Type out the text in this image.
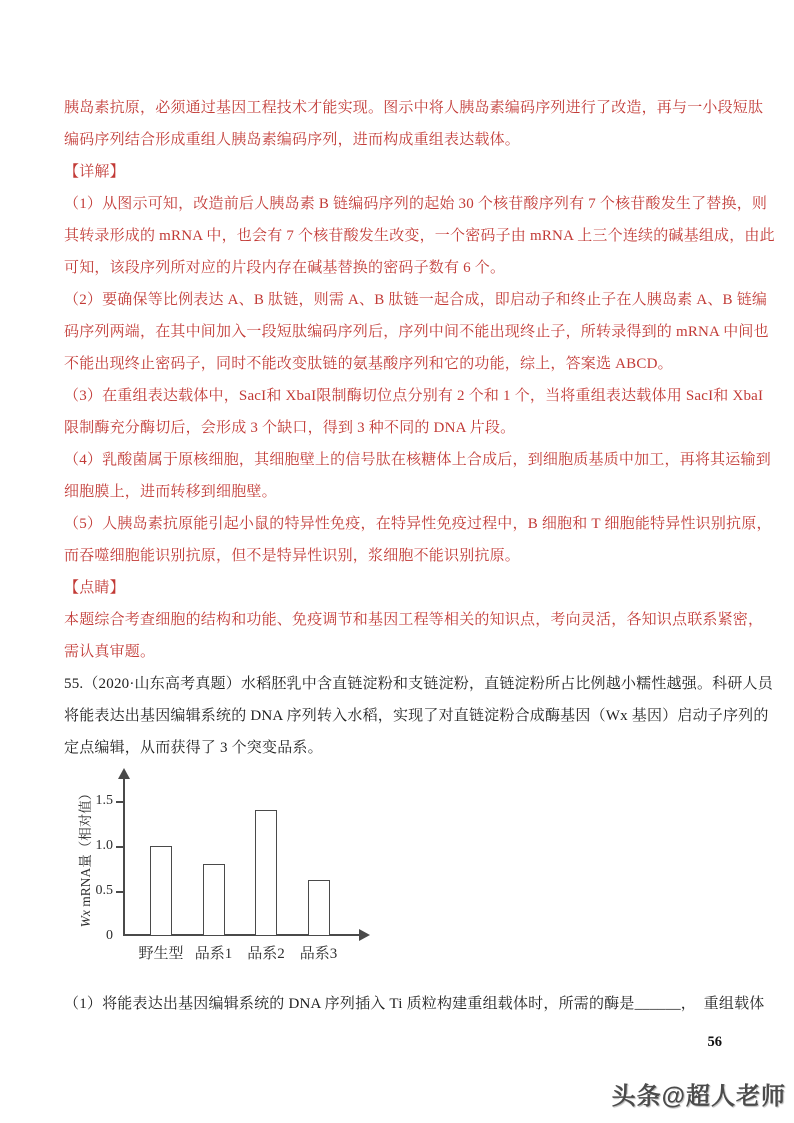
胰岛素抗原，必须通过基因工程技术才能实现。图示中将人胰岛素编码序列进行了改造，再与一小段短肽
编码序列结合形成重组人胰岛素编码序列，进而构成重组表达载体。
【详解】
（1）从图示可知，改造前后人胰岛素 B 链编码序列的起始 30 个核苷酸序列有 7 个核苷酸发生了替换，则
其转录形成的 mRNA 中，也会有 7 个核苷酸发生改变，一个密码子由 mRNA 上三个连续的碱基组成，由此
可知，该段序列所对应的片段内存在碱基替换的密码子数有 6 个。
（2）要确保等比例表达 A、B 肽链，则需 A、B 肽链一起合成，即启动子和终止子在人胰岛素 A、B 链编
码序列两端，在其中间加入一段短肽编码序列后，序列中间不能出现终止子，所转录得到的 mRNA 中间也
不能出现终止密码子，同时不能改变肽链的氨基酸序列和它的功能，综上，答案选 ABCD。
（3）在重组表达载体中，SacI和 XbaI限制酶切位点分别有 2 个和 1 个，当将重组表达载体用 SacI和 XbaI
限制酶充分酶切后，会形成 3 个缺口，得到 3 种不同的 DNA 片段。
（4）乳酸菌属于原核细胞，其细胞壁上的信号肽在核糖体上合成后，到细胞质基质中加工，再将其运输到
细胞膜上，进而转移到细胞壁。
（5）人胰岛素抗原能引起小鼠的特异性免疫，在特异性免疫过程中，B 细胞和 T 细胞能特异性识别抗原，
而吞噬细胞能识别抗原，但不是特异性识别，浆细胞不能识别抗原。
【点睛】
本题综合考查细胞的结构和功能、免疫调节和基因工程等相关的知识点，考向灵活，各知识点联系紧密，
需认真审题。
55.（2020·山东高考真题）水稻胚乳中含直链淀粉和支链淀粉，直链淀粉所占比例越小糯性越强。科研人员
将能表达出基因编辑系统的 DNA 序列转入水稻，实现了对直链淀粉合成酶基因（Wx 基因）启动子序列的
定点编辑，从而获得了 3 个突变品系。
Wx mRNA量（相对值）
0
0.5
1.0
1.5
野生型 品系1 品系2 品系3
（1）将能表达出基因编辑系统的 DNA 序列插入 Ti 质粒构建重组载体时，所需的酶是______，　重组载体
56
头条@超人老师
